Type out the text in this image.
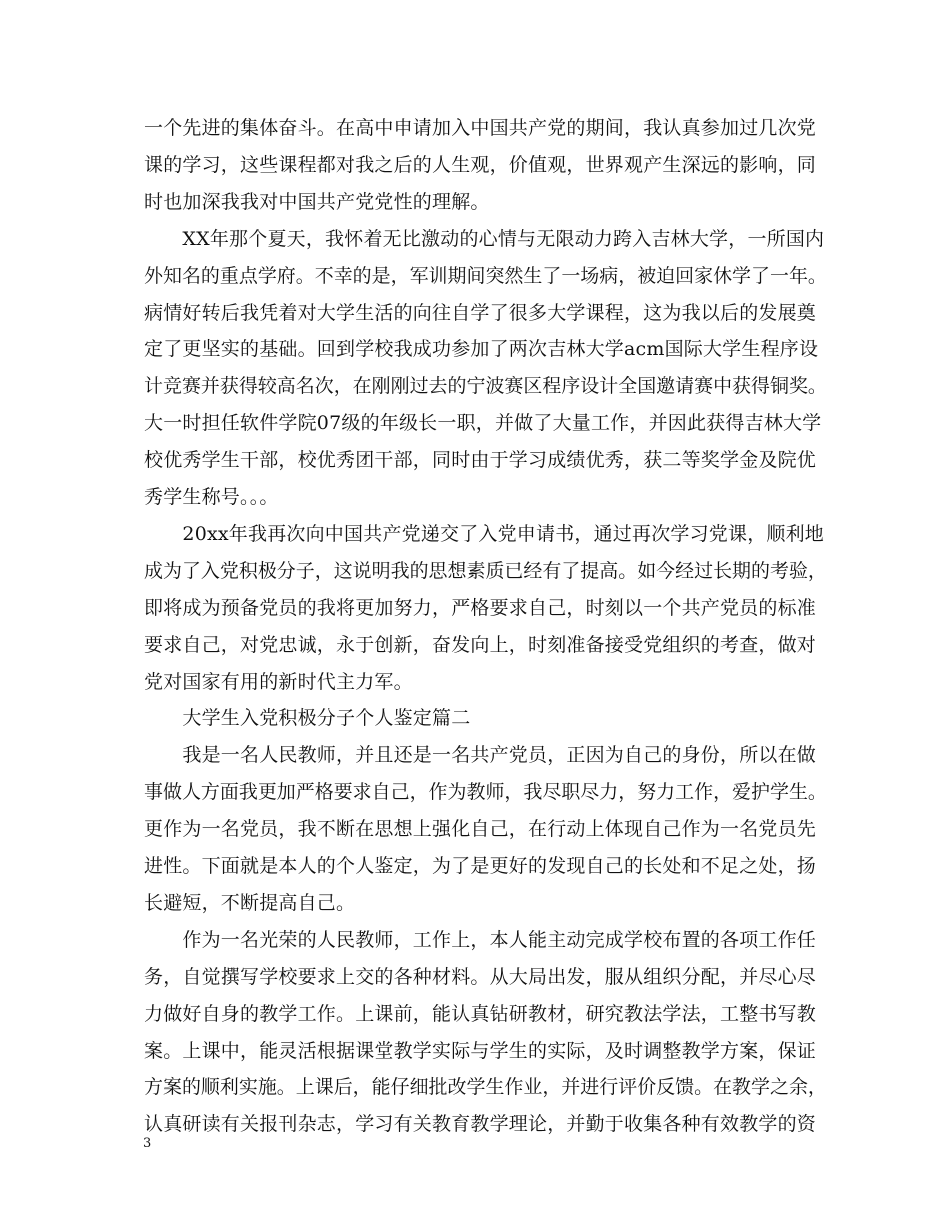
一个先进的集体奋斗。在高中申请加入中国共产党的期间，我认真参加过几次党
课的学习，这些课程都对我之后的人生观，价值观，世界观产生深远的影响，同
时也加深我我对中国共产党党性的理解。
　　XX年那个夏天，我怀着无比激动的心情与无限动力跨入吉林大学，一所国内
外知名的重点学府。不幸的是，军训期间突然生了一场病，被迫回家休学了一年。
病情好转后我凭着对大学生活的向往自学了很多大学课程，这为我以后的发展奠
定了更坚实的基础。回到学校我成功参加了两次吉林大学acm国际大学生程序设
计竞赛并获得较高名次，在刚刚过去的宁波赛区程序设计全国邀请赛中获得铜奖。
大一时担任软件学院07级的年级长一职，并做了大量工作，并因此获得吉林大学
校优秀学生干部，校优秀团干部，同时由于学习成绩优秀，获二等奖学金及院优
秀学生称号。。。
　　20xx年我再次向中国共产党递交了入党申请书，通过再次学习党课，顺利地
成为了入党积极分子，这说明我的思想素质已经有了提高。如今经过长期的考验，
即将成为预备党员的我将更加努力，严格要求自己，时刻以一个共产党员的标准
要求自己，对党忠诚，永于创新，奋发向上，时刻准备接受党组织的考查，做对
党对国家有用的新时代主力军。
　　大学生入党积极分子个人鉴定篇二
　　我是一名人民教师，并且还是一名共产党员，正因为自己的身份，所以在做
事做人方面我更加严格要求自己，作为教师，我尽职尽力，努力工作，爱护学生。
更作为一名党员，我不断在思想上强化自己，在行动上体现自己作为一名党员先
进性。下面就是本人的个人鉴定，为了是更好的发现自己的长处和不足之处，扬
长避短，不断提高自己。
　　作为一名光荣的人民教师，工作上，本人能主动完成学校布置的各项工作任
务，自觉撰写学校要求上交的各种材料。从大局出发，服从组织分配，并尽心尽
力做好自身的教学工作。上课前，能认真钻研教材，研究教法学法，工整书写教
案。上课中，能灵活根据课堂教学实际与学生的实际，及时调整教学方案，保证
方案的顺利实施。上课后，能仔细批改学生作业，并进行评价反馈。在教学之余，
认真研读有关报刊杂志，学习有关教育教学理论，并勤于收集各种有效教学的资
3
